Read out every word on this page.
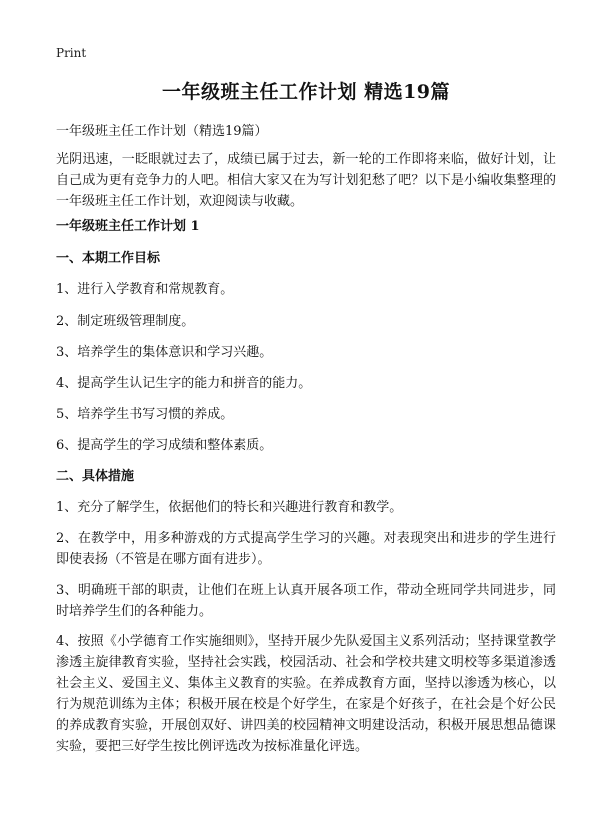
Print
一年级班主任工作计划 精选19篇
一年级班主任工作计划（精选19篇）
光阴迅速，一眨眼就过去了，成绩已属于过去，新一轮的工作即将来临，做好计划，让自己成为更有竞争力的人吧。相信大家又在为写计划犯愁了吧？以下是小编收集整理的一年级班主任工作计划，欢迎阅读与收藏。
一年级班主任工作计划 1
一、本期工作目标
1、进行入学教育和常规教育。
2、制定班级管理制度。
3、培养学生的集体意识和学习兴趣。
4、提高学生认记生字的能力和拼音的能力。
5、培养学生书写习惯的养成。
6、提高学生的学习成绩和整体素质。
二、具体措施
1、充分了解学生，依据他们的特长和兴趣进行教育和教学。
2、在教学中，用多种游戏的方式提高学生学习的兴趣。对表现突出和进步的学生进行即使表扬（不管是在哪方面有进步）。
3、明确班干部的职责，让他们在班上认真开展各项工作，带动全班同学共同进步，同时培养学生们的各种能力。
4、按照《小学德育工作实施细则》，坚持开展少先队爱国主义系列活动；坚持课堂教学渗透主旋律教育实验，坚持社会实践，校园活动、社会和学校共建文明校等多渠道渗透社会主义、爱国主义、集体主义教育的实验。在养成教育方面，坚持以渗透为核心，以行为规范训练为主体；积极开展在校是个好学生，在家是个好孩子，在社会是个好公民的养成教育实验，开展创双好、讲四美的校园精神文明建设活动，积极开展思想品德课实验，要把三好学生按比例评选改为按标准量化评选。
